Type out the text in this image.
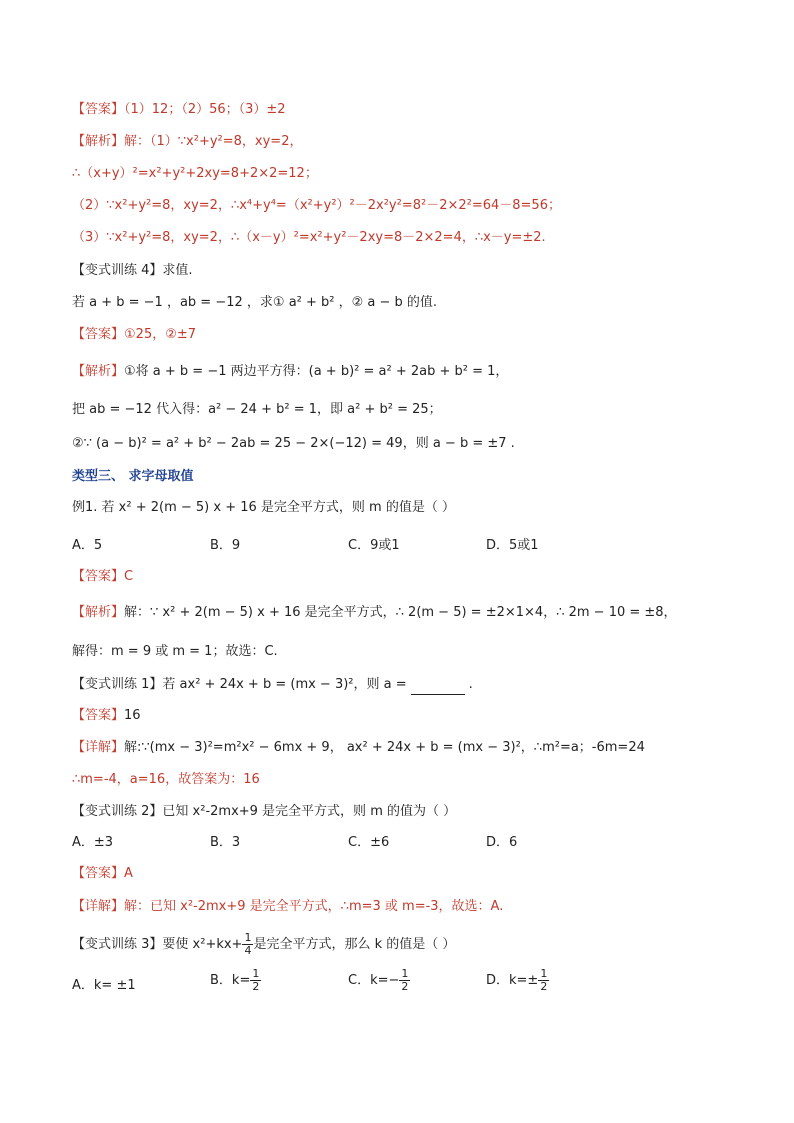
【答案】（1）12；（2）56；（3）±2
【解析】解：（1）∵x²+y²=8，xy=2，
∴（x+y）²=x²+y²+2xy=8+2×2=12；
（2）∵x²+y²=8，xy=2，∴x⁴+y⁴=（x²+y²）²－2x²y²=8²－2×2²=64－8=56；
（3）∵x²+y²=8，xy=2，∴（x－y）²=x²+y²－2xy=8－2×2=4，∴x－y=±2.
【变式训练 4】求值.
若 a + b = −1 ，ab = −12 ，求① a² + b² ，② a − b 的值.
【答案】①25，②±7
【解析】①将 a + b = −1 两边平方得：(a + b)² = a² + 2ab + b² = 1，
把 ab = −12 代入得：a² − 24 + b² = 1，即 a² + b² = 25；
②∵ (a − b)² = a² + b² − 2ab = 25 − 2×(−12) = 49，则 a − b = ±7 .
类型三、 求字母取值
例1. 若 x² + 2(m − 5) x + 16 是完全平方式，则 m 的值是（ ）
A．5	B．9	C．9或1	D．5或1
【答案】C
【解析】解：∵ x² + 2(m − 5) x + 16 是完全平方式，∴ 2(m − 5) = ±2×1×4，∴ 2m − 10 = ±8，
解得：m = 9 或 m = 1；故选：C.
【变式训练 1】若 ax² + 24x + b = (mx − 3)²，则 a =	.
【答案】16
【详解】解:∵(mx − 3)²=m²x² − 6mx + 9， ax² + 24x + b = (mx − 3)²，∴m²=a；-6m=24
∴m=-4，a=16，故答案为：16
【变式训练 2】已知 x²-2mx+9 是完全平方式，则 m 的值为（ ）
A．±3	B．3	C．±6	D．6
【答案】A
【详解】解：已知 x²-2mx+9 是完全平方式，∴m=3 或 m=-3，故选：A.
【变式训练 3】要使 $x^2+kx+ \frac{1}{4}$ 是完全平方式，那么 k 的值是（ ）
A．k= ±1	B．$k= \frac{1}{2}$	C．$k=- \frac{1}{2}$	D．$k=\pm \frac{1}{2}$
